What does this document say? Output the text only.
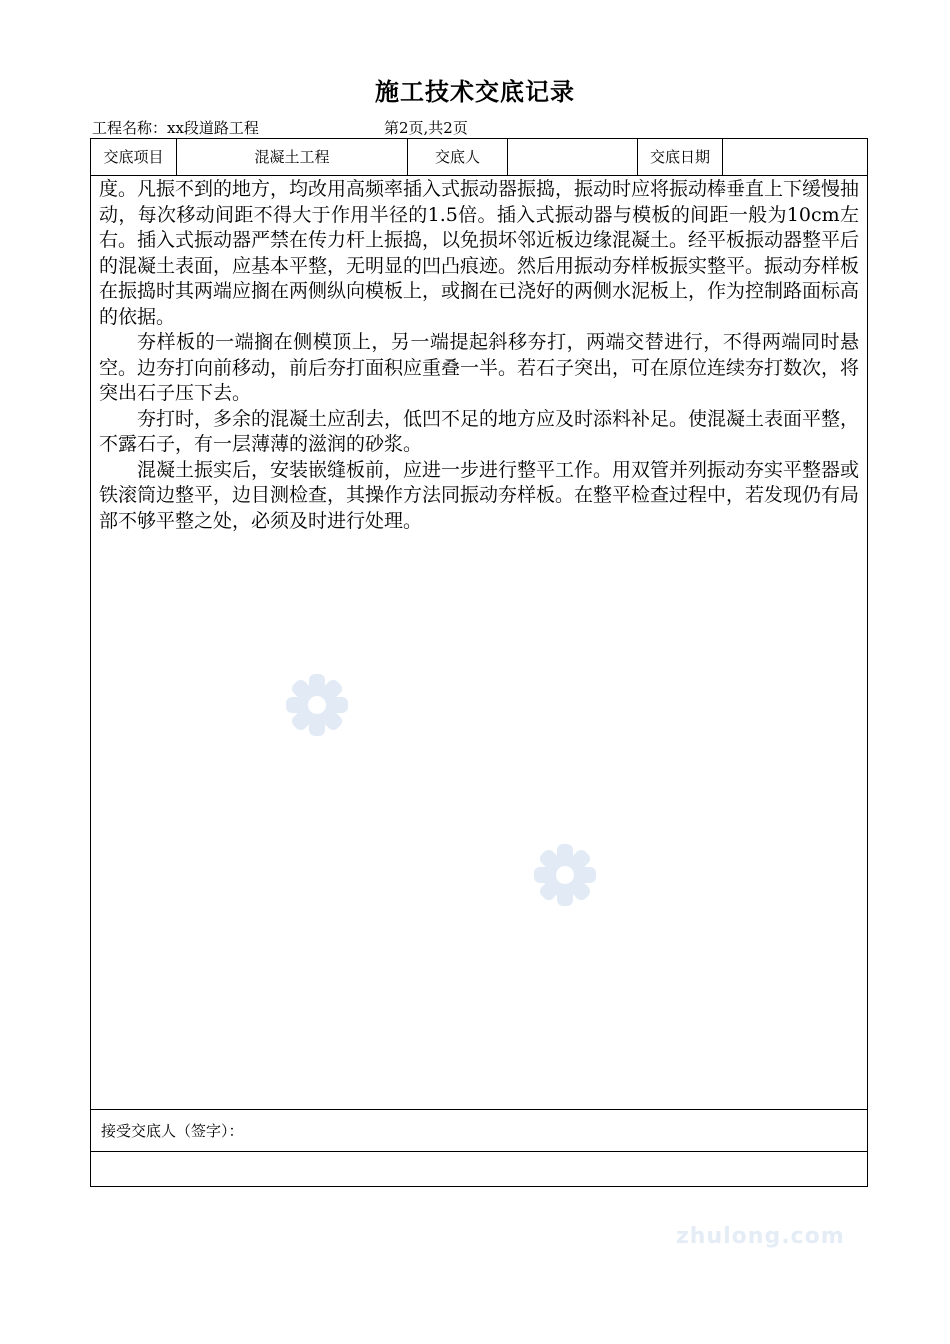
施工技术交底记录
工程名称：xx段道路工程	第2页,共2页
交底项目	混凝土工程	交底人	交底日期

度。凡振不到的地方，均改用高频率插入式振动器振捣，振动时应将振动棒垂直上下缓慢抽动，每次移动间距不得大于作用半径的1.5倍。插入式振动器与模板的间距一般为10cm左右。插入式振动器严禁在传力杆上振捣，以免损坏邻近板边缘混凝土。经平板振动器整平后的混凝土表面，应基本平整，无明显的凹凸痕迹。然后用振动夯样板振实整平。振动夯样板在振捣时其两端应搁在两侧纵向模板上，或搁在已浇好的两侧水泥板上，作为控制路面标高的依据。

夯样板的一端搁在侧模顶上，另一端提起斜移夯打，两端交替进行，不得两端同时悬空。边夯打向前移动，前后夯打面积应重叠一半。若石子突出，可在原位连续夯打数次，将突出石子压下去。

夯打时，多余的混凝土应刮去，低凹不足的地方应及时添料补足。使混凝土表面平整，不露石子，有一层薄薄的滋润的砂浆。

混凝土振实后，安装嵌缝板前，应进一步进行整平工作。用双管并列振动夯实平整器或铁滚筒边整平，边目测检查，其操作方法同振动夯样板。在整平检查过程中，若发现仍有局部不够平整之处，必须及时进行处理。

接受交底人（签字）：
zhulong.com
